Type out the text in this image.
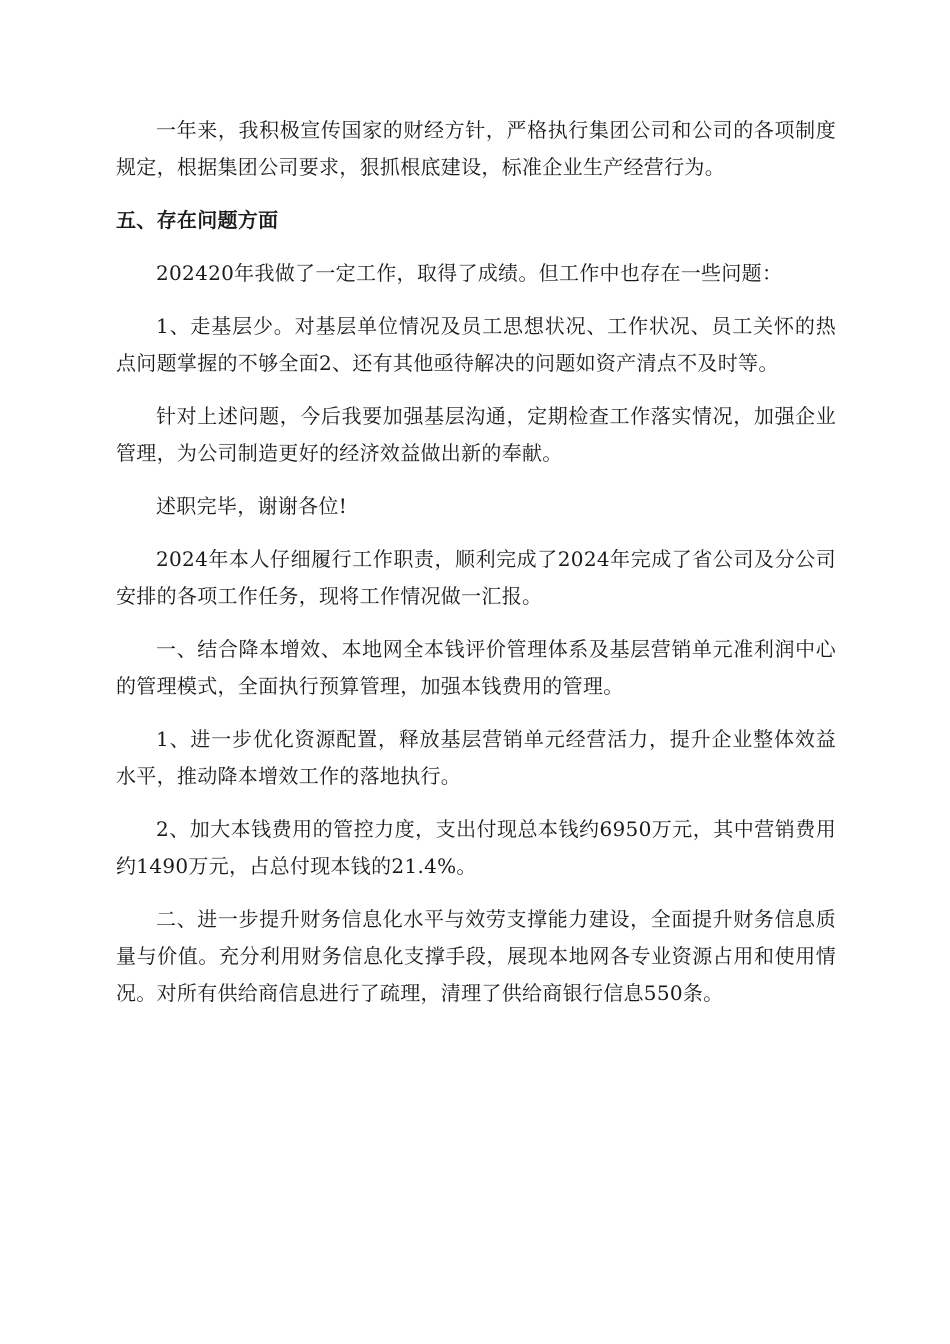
一年来，我积极宣传国家的财经方针，严格执行集团公司和公司的各项制度规定，根据集团公司要求，狠抓根底建设，标准企业生产经营行为。

五、存在问题方面

202420年我做了一定工作，取得了成绩。但工作中也存在一些问题：

1、走基层少。对基层单位情况及员工思想状况、工作状况、员工关怀的热点问题掌握的不够全面2、还有其他亟待解决的问题如资产清点不及时等。

针对上述问题，今后我要加强基层沟通，定期检查工作落实情况，加强企业管理，为公司制造更好的经济效益做出新的奉献。

述职完毕，谢谢各位!

2024年本人仔细履行工作职责，顺利完成了2024年完成了省公司及分公司安排的各项工作任务，现将工作情况做一汇报。

一、结合降本增效、本地网全本钱评价管理体系及基层营销单元准利润中心的管理模式，全面执行预算管理，加强本钱费用的管理。

1、进一步优化资源配置，释放基层营销单元经营活力，提升企业整体效益水平，推动降本增效工作的落地执行。

2、加大本钱费用的管控力度，支出付现总本钱约6950万元，其中营销费用约1490万元，占总付现本钱的21.4%。

二、进一步提升财务信息化水平与效劳支撑能力建设，全面提升财务信息质量与价值。充分利用财务信息化支撑手段，展现本地网各专业资源占用和使用情况。对所有供给商信息进行了疏理，清理了供给商银行信息550条。
